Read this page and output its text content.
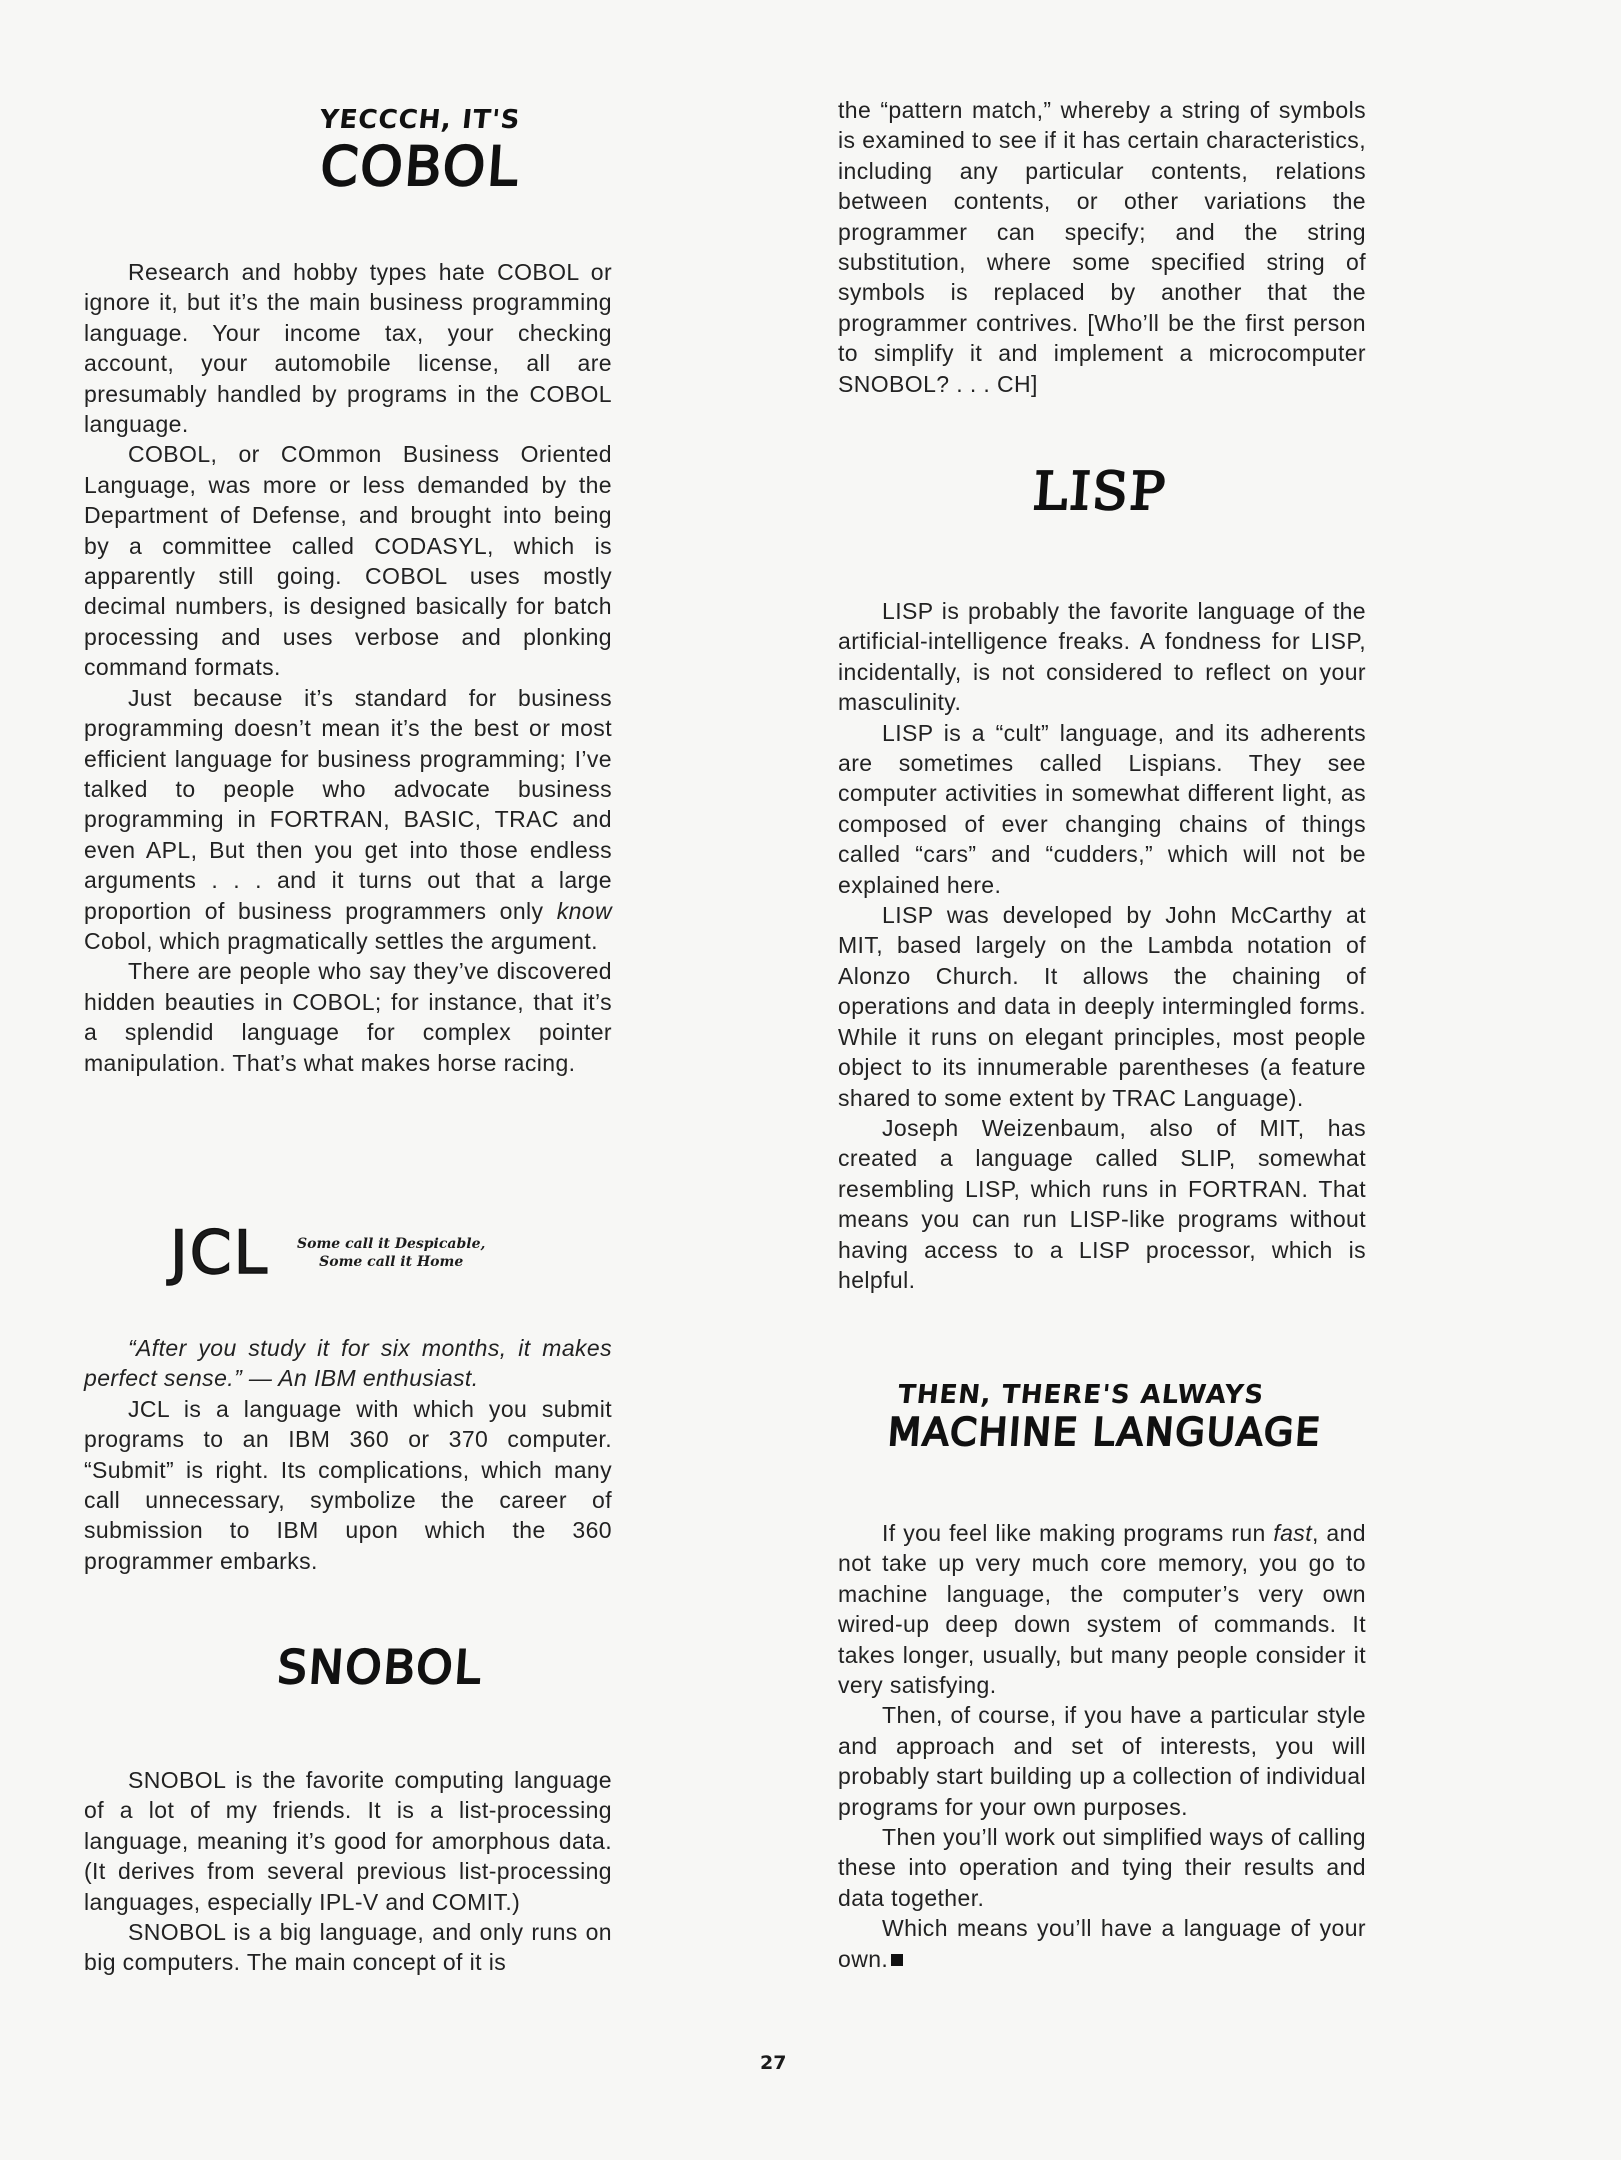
YECCCH, IT'S
COBOL

Research and hobby types hate COBOL or ignore it, but it’s the main business programming language. Your income tax, your checking account, your automobile license, all are presumably handled by programs in the COBOL language.

COBOL, or COmmon Business Oriented Language, was more or less demanded by the Department of Defense, and brought into being by a committee called CODASYL, which is apparently still going. COBOL uses mostly decimal numbers, is designed basically for batch processing and uses verbose and plonking command formats.

Just because it’s standard for business programming doesn’t mean it’s the best or most efficient language for business programming; I’ve talked to people who advocate business programming in FORTRAN, BASIC, TRAC and even APL, But then you get into those endless arguments . . . and it turns out that a large proportion of business programmers only know Cobol, which pragmatically settles the argument.

There are people who say they’ve discovered hidden beauties in COBOL; for instance, that it’s a splendid language for complex pointer manipulation. That’s what makes horse racing.

JCL Some call it Despicable,
Some call it Home

“After you study it for six months, it makes perfect sense.” — An IBM enthusiast.

JCL is a language with which you submit programs to an IBM 360 or 370 computer. “Submit” is right. Its complications, which many call unnecessary, symbolize the career of submission to IBM upon which the 360 programmer embarks.

SNOBOL

SNOBOL is the favorite computing language of a lot of my friends. It is a list-processing language, meaning it’s good for amorphous data. (It derives from several previous list-processing languages, especially IPL-V and COMIT.)

SNOBOL is a big language, and only runs on big computers. The main concept of it is

the “pattern match,” whereby a string of symbols is examined to see if it has certain characteristics, including any particular contents, relations between contents, or other variations the programmer can specify; and the string substitution, where some specified string of symbols is replaced by another that the programmer contrives. [Who’ll be the first person to simplify it and implement a microcomputer SNOBOL? . . . CH]

LISP

LISP is probably the favorite language of the artificial-intelligence freaks. A fondness for LISP, incidentally, is not considered to reflect on your masculinity.

LISP is a “cult” language, and its adherents are sometimes called Lispians. They see computer activities in somewhat different light, as composed of ever changing chains of things called “cars” and “cudders,” which will not be explained here.

LISP was developed by John McCarthy at MIT, based largely on the Lambda notation of Alonzo Church. It allows the chaining of operations and data in deeply intermingled forms. While it runs on elegant principles, most people object to its innumerable parentheses (a feature shared to some extent by TRAC Language).

Joseph Weizenbaum, also of MIT, has created a language called SLIP, somewhat resembling LISP, which runs in FORTRAN. That means you can run LISP-like programs without having access to a LISP processor, which is helpful.

THEN, THERE'S ALWAYS
MACHINE LANGUAGE

If you feel like making programs run fast, and not take up very much core memory, you go to machine language, the computer’s very own wired-up deep down system of commands. It takes longer, usually, but many people consider it very satisfying.

Then, of course, if you have a particular style and approach and set of interests, you will probably start building up a collection of individual programs for your own purposes.

Then you’ll work out simplified ways of calling these into operation and tying their results and data together.

Which means you’ll have a language of your own.

27
